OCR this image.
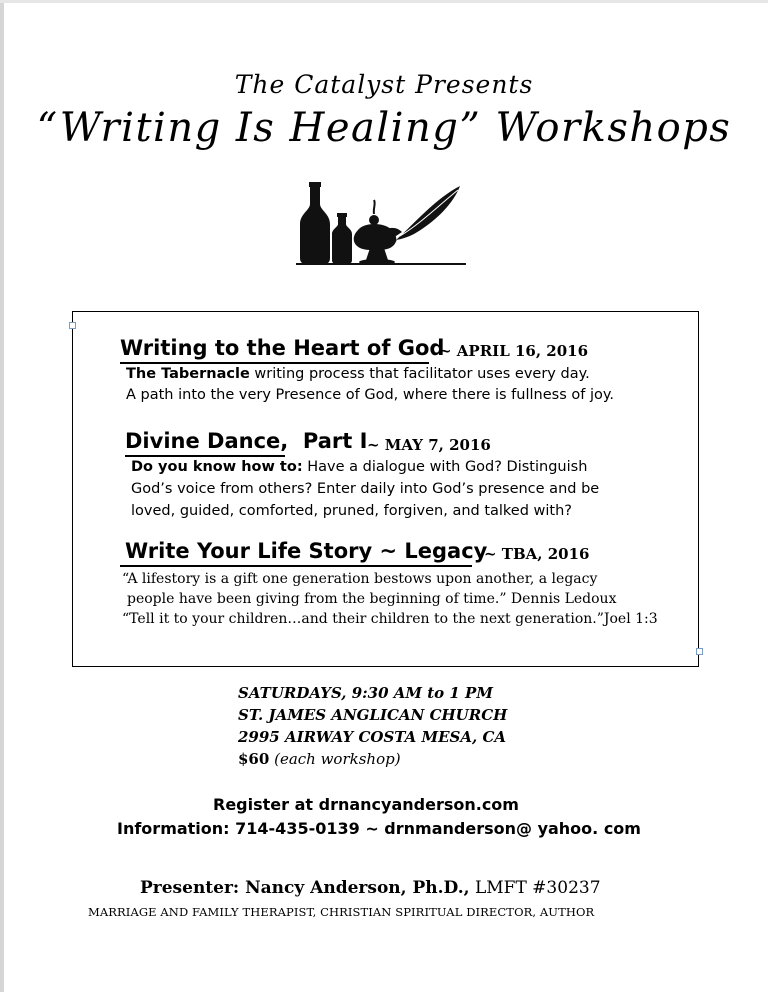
The Catalyst Presents
“Writing Is Healing” Workshops
Writing to the Heart of God
~ APRIL 16, 2016
The Tabernacle writing process that facilitator uses every day.
A path into the very Presence of God, where there is fullness of joy.
Divine Dance, Part I ~ MAY 7, 2016
Do you know how to: Have a dialogue with God? Distinguish
God’s voice from others? Enter daily into God’s presence and be
loved, guided, comforted, pruned, forgiven, and talked with?
Write Your Life Story ~ Legacy
~ TBA, 2016
“A lifestory is a gift one generation bestows upon another, a legacy
people have been giving from the beginning of time.” Dennis Ledoux
“Tell it to your children…and their children to the next generation.”Joel 1:3
SATURDAYS, 9:30 AM to 1 PM
ST. JAMES ANGLICAN CHURCH
2995 AIRWAY COSTA MESA, CA
$60 (each workshop)
Register at drnancyanderson.com
Information: 714-435-0139 ~ drnmanderson@ yahoo. com
Presenter: Nancy Anderson, Ph.D., LMFT #30237
MARRIAGE AND FAMILY THERAPIST, CHRISTIAN SPIRITUAL DIRECTOR, AUTHOR
